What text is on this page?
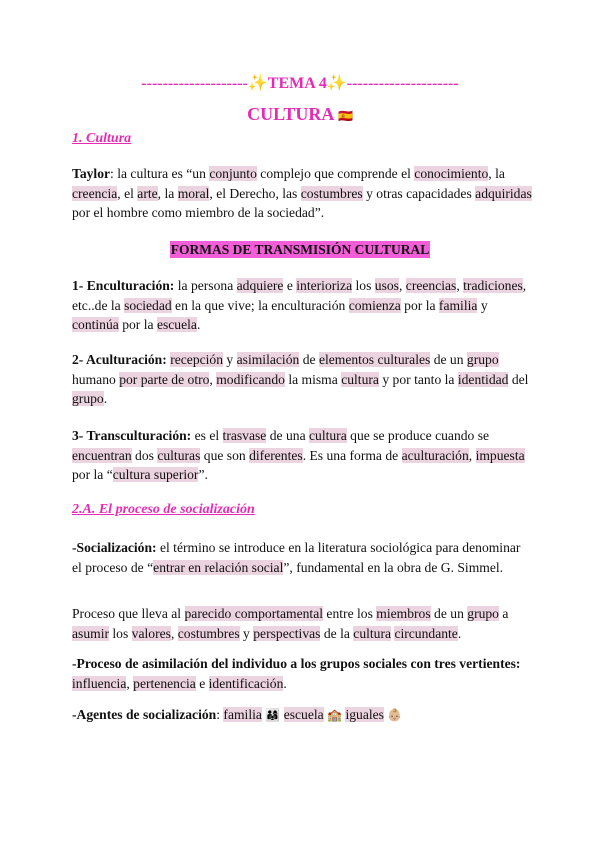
--------------------✨TEMA 4✨---------------------
CULTURA 🇪🇸
1. Cultura
Taylor: la cultura es “un conjunto complejo que comprende el conocimiento, la creencia, el arte, la moral, el Derecho, las costumbres y otras capacidades adquiridas por el hombre como miembro de la sociedad”.
FORMAS DE TRANSMISIÓN CULTURAL
1- Enculturación: la persona adquiere e interioriza los usos, creencias, tradiciones, etc..de la sociedad en la que vive; la enculturación comienza por la familia y continúa por la escuela.
2- Aculturación: recepción y asimilación de elementos culturales de un grupo humano por parte de otro, modificando la misma cultura y por tanto la identidad del grupo.
3- Transculturación: es el trasvase de una cultura que se produce cuando se encuentran dos culturas que son diferentes. Es una forma de aculturación, impuesta por la “cultura superior”.
2.A. El proceso de socialización
-Socialización: el término se introduce en la literatura sociológica para denominar el proceso de “entrar en relación social”, fundamental en la obra de G. Simmel.
Proceso que lleva al parecido comportamental entre los miembros de un grupo a asumir los valores, costumbres y perspectivas de la cultura circundante.
-Proceso de asimilación del individuo a los grupos sociales con tres vertientes: influencia, pertenencia e identificación.
-Agentes de socialización: familia 👨‍👩‍👧 escuela 🏫 iguales 👶🏼
